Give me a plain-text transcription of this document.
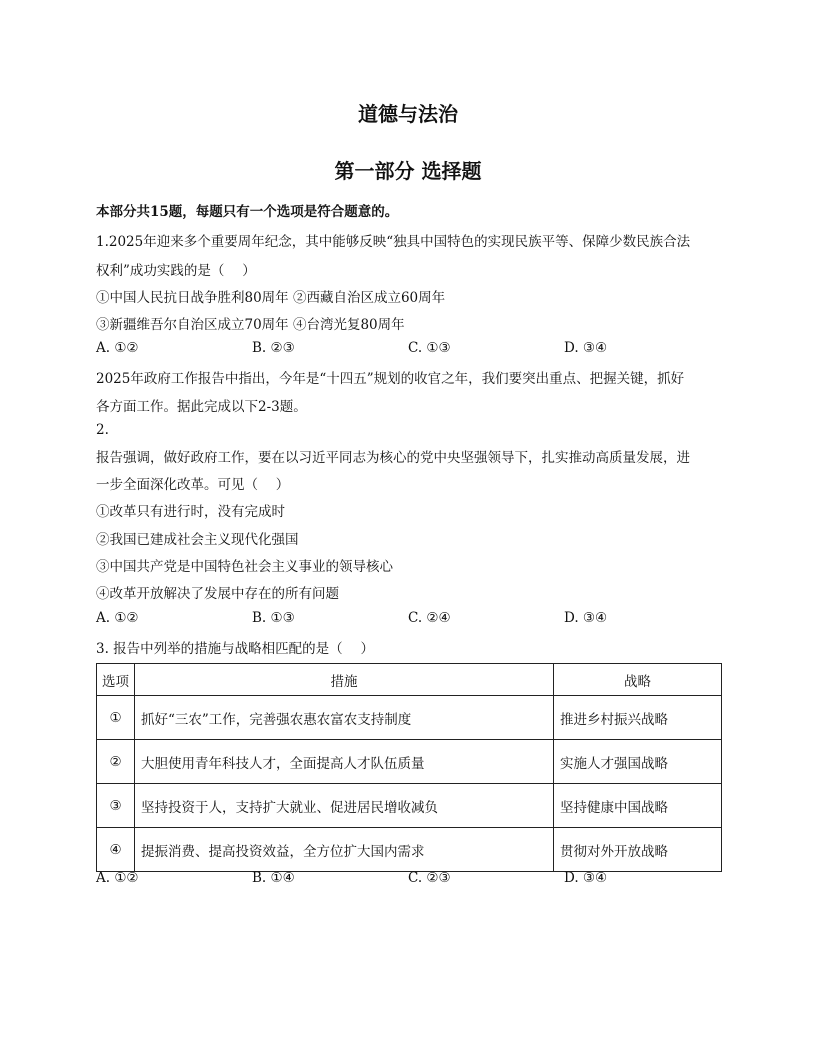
道德与法治
第一部分 选择题
本部分共15题，每题只有一个选项是符合题意的。
1.2025年迎来多个重要周年纪念，其中能够反映“独具中国特色的实现民族平等、保障少数民族合法
权利”成功实践的是（　 ）
①中国人民抗日战争胜利80周年 ②西藏自治区成立60周年
③新疆维吾尔自治区成立70周年 ④台湾光复80周年
A. ①②	B. ②③	C. ①③	D. ③④
2025年政府工作报告中指出，今年是“十四五”规划的收官之年，我们要突出重点、把握关键，抓好
各方面工作。据此完成以下2-3题。
2.
报告强调，做好政府工作，要在以习近平同志为核心的党中央坚强领导下，扎实推动高质量发展，进
一步全面深化改革。可见（　 ）
①改革只有进行时，没有完成时
②我国已建成社会主义现代化强国
③中国共产党是中国特色社会主义事业的领导核心
④改革开放解决了发展中存在的所有问题
A. ①②	B. ①③	C. ②④	D. ③④
3. 报告中列举的措施与战略相匹配的是（　 ）
选项	措施	战略
①	抓好“三农”工作，完善强农惠农富农支持制度	推进乡村振兴战略
②	大胆使用青年科技人才，全面提高人才队伍质量	实施人才强国战略
③	坚持投资于人，支持扩大就业、促进居民增收减负	坚持健康中国战略
④	提振消费、提高投资效益，全方位扩大国内需求	贯彻对外开放战略
A. ①②	B. ①④	C. ②③	D. ③④
